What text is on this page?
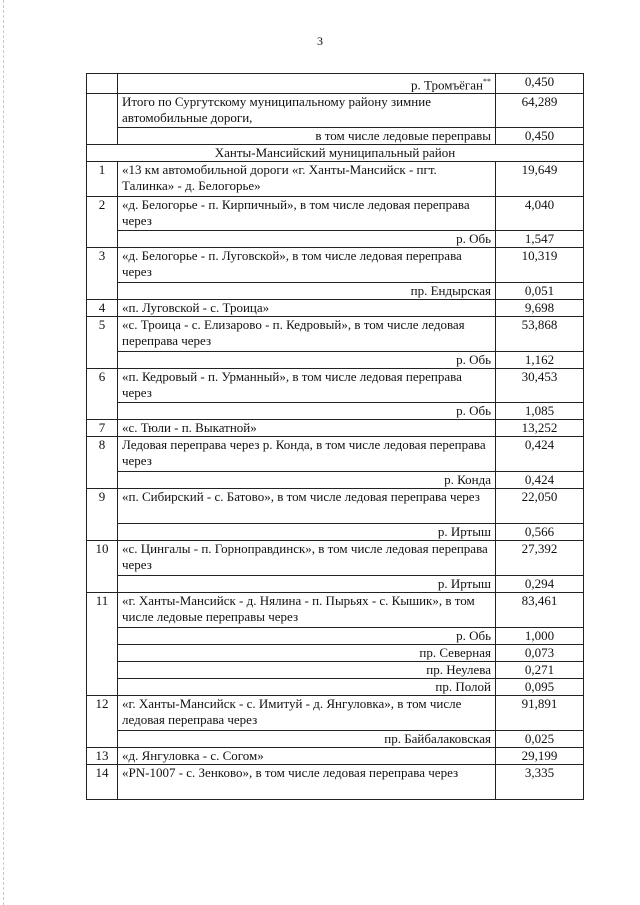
3
	р. Тромъёган**	0,450
	Итого по Сургутскому муниципальному району зимние автомобильные дороги,	64,289
	в том числе ледовые переправы	0,450
Ханты-Мансийский муниципальный район		
1	«13 км автомобильной дороги «г. Ханты-Мансийск - пгт. Талинка» - д. Белогорье»	19,649
2	«д. Белогорье - п. Кирпичный», в том числе ледовая переправа через	4,040
	р. Обь	1,547
3	«д. Белогорье - п. Луговской», в том числе ледовая переправа через	10,319
	пр. Ендырская	0,051
4	«п. Луговской - с. Троица»	9,698
5	«с. Троица - с. Елизарово - п. Кедровый», в том числе ледовая переправа через	53,868
	р. Обь	1,162
6	«п. Кедровый - п. Урманный», в том числе ледовая переправа через	30,453
	р. Обь	1,085
7	«с. Тюли - п. Выкатной»	13,252
8	Ледовая переправа через р. Конда, в том числе ледовая переправа через	0,424
	р. Конда	0,424
9	«п. Сибирский - с. Батово», в том числе ледовая переправа через	22,050
	р. Иртыш	0,566
10	«с. Цингалы - п. Горноправдинск», в том числе ледовая переправа через	27,392
	р. Иртыш	0,294
11	«г. Ханты-Мансийск - д. Нялина - п. Пырьях - с. Кышик», в том числе ледовые переправы через	83,461
	р. Обь	1,000
	пр. Северная	0,073
	пр. Неулева	0,271
	пр. Полой	0,095
12	«г. Ханты-Мансийск - с. Имитуй - д. Янгуловка», в том числе ледовая переправа через	91,891
	пр. Байбалаковская	0,025
13	«д. Янгуловка - с. Согом»	29,199
14	«PN-1007 - с. Зенково», в том числе ледовая переправа через	3,335
